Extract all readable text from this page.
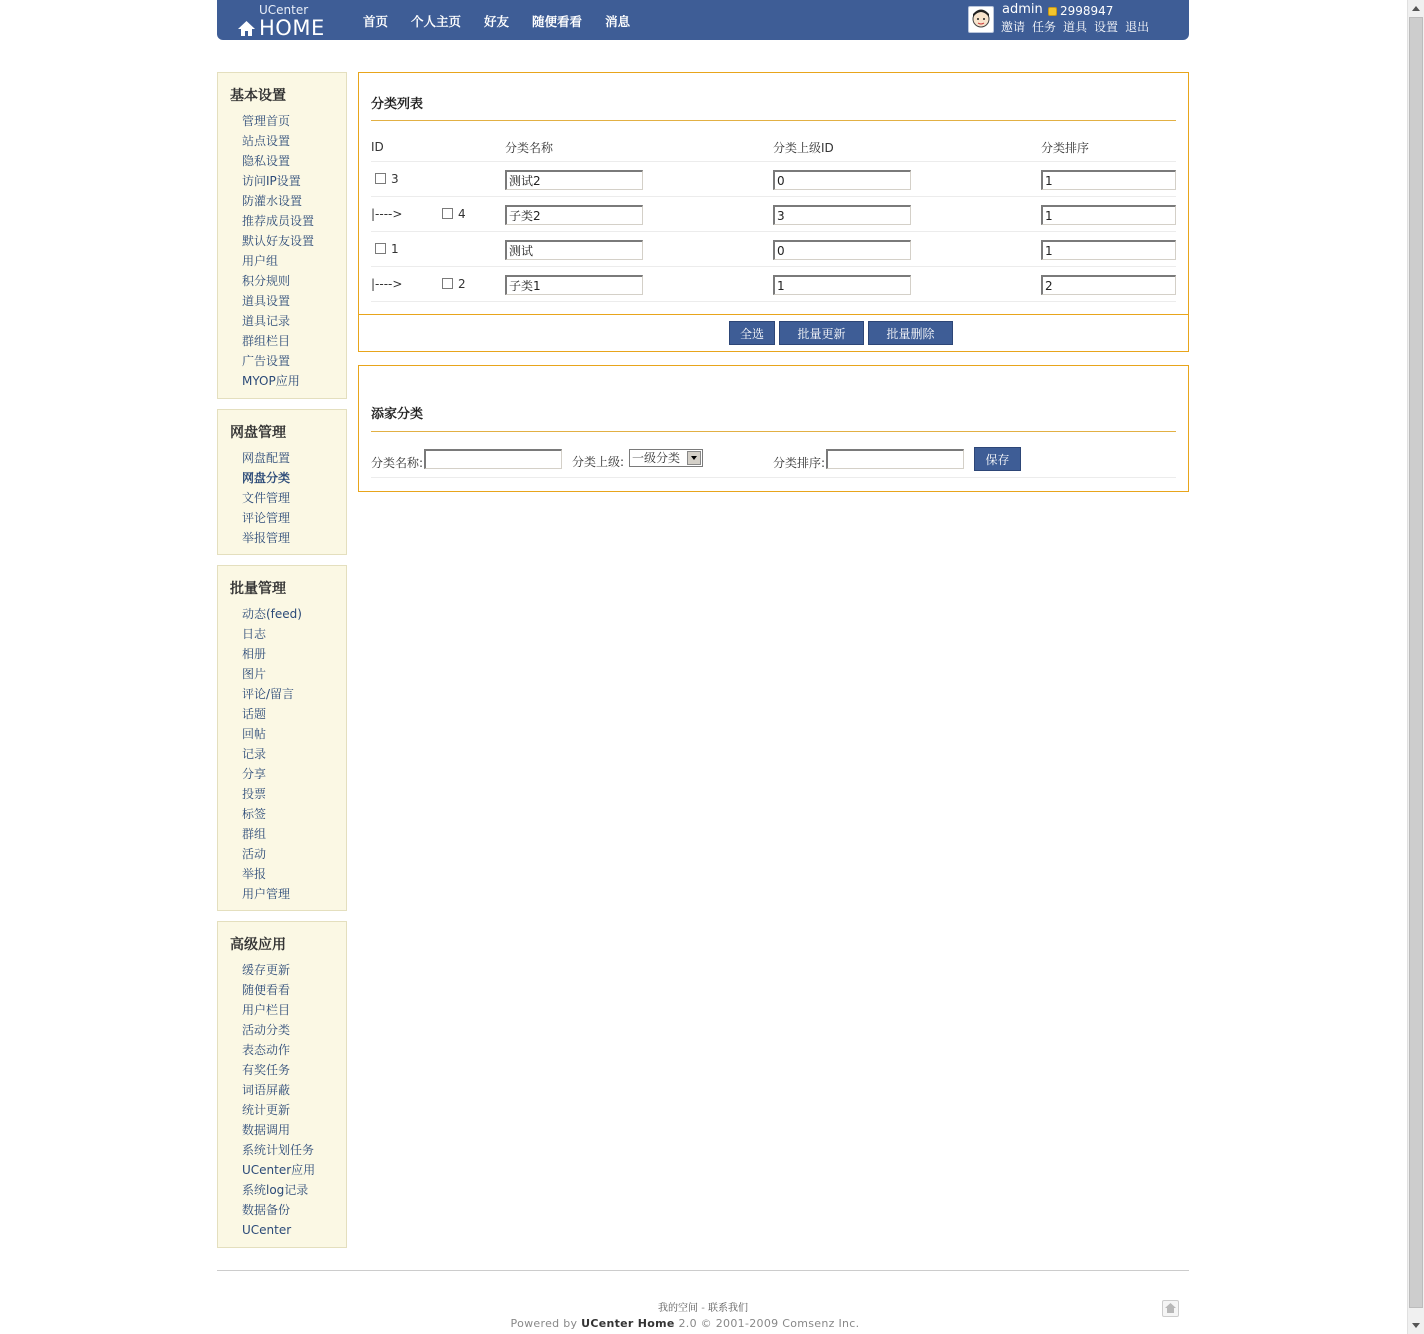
UCenter
HOME	首页 个人主页 好友 随便看看 消息
admin 2998947
邀请 任务 道具 设置 退出
基本设置
管理首页
站点设置
隐私设置
访问IP设置
防灌水设置
推荐成员设置
默认好友设置
用户组
积分规则
道具设置
道具记录
群组栏目
广告设置
MYOP应用
网盘管理
网盘配置
网盘分类
文件管理
评论管理
举报管理
批量管理
动态(feed)
日志
相册
图片
评论/留言
话题
回帖
记录
分享
投票
标签
群组
活动
举报
用户管理
高级应用
缓存更新
随便看看
用户栏目
活动分类
表态动作
有奖任务
词语屏蔽
统计更新
数据调用
系统计划任务
UCenter应用
系统log记录
数据备份
UCenter
分类列表
ID	分类名称	分类上级ID	分类排序
3	测试2	0	1
|---->	4	子类2	3	1
1	测试	0	1
|---->	2	子类1	1	2
全选	批量更新	批量删除
添家分类
分类名称:	分类上级: 一级分类	分类排序:	保存
我的空间 - 联系我们
Powered by UCenter Home 2.0 © 2001-2009 Comsenz Inc.
